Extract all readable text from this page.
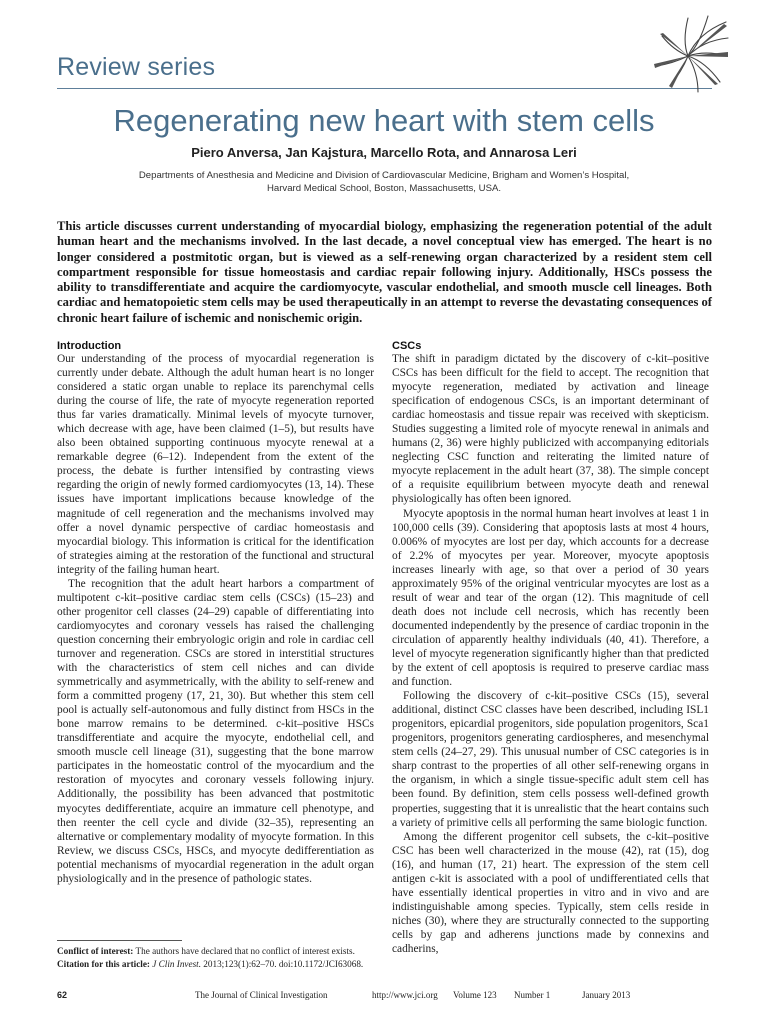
Review series
Regenerating new heart with stem cells
Piero Anversa, Jan Kajstura, Marcello Rota, and Annarosa Leri
Departments of Anesthesia and Medicine and Division of Cardiovascular Medicine, Brigham and Women’s Hospital,
Harvard Medical School, Boston, Massachusetts, USA.
This article discusses current understanding of myocardial biology, emphasizing the regeneration potential of the adult human heart and the mechanisms involved. In the last decade, a novel conceptual view has emerged. The heart is no longer considered a postmitotic organ, but is viewed as a self-renewing organ characterized by a resident stem cell compartment responsible for tissue homeostasis and cardiac repair following injury. Additionally, HSCs possess the ability to transdifferentiate and acquire the cardiomyocyte, vascular endothelial, and smooth muscle cell lineages. Both cardiac and hematopoietic stem cells may be used therapeutically in an attempt to reverse the devastating consequences of chronic heart failure of ischemic and nonischemic origin.
Introduction

Our understanding of the process of myocardial regeneration is currently under debate. Although the adult human heart is no longer considered a static organ unable to replace its parenchymal cells during the course of life, the rate of myocyte regeneration reported thus far varies dramatically. Minimal levels of myocyte turnover, which decrease with age, have been claimed (1–5), but results have also been obtained supporting continuous myocyte renewal at a remarkable degree (6–12). Independent from the extent of the process, the debate is further intensified by contrasting views regarding the origin of newly formed cardiomyocytes (13, 14). These issues have important implications because knowledge of the magnitude of cell regeneration and the mechanisms involved may offer a novel dynamic perspective of cardiac homeostasis and myocardial biology. This information is critical for the identification of strategies aiming at the restoration of the functional and structural integrity of the failing human heart.

The recognition that the adult heart harbors a compartment of multipotent c-kit–positive cardiac stem cells (CSCs) (15–23) and other progenitor cell classes (24–29) capable of differentiating into cardiomyocytes and coronary vessels has raised the challenging question concerning their embryologic origin and role in cardiac cell turnover and regeneration. CSCs are stored in interstitial structures with the characteristics of stem cell niches and can divide symmetrically and asymmetrically, with the ability to self-renew and form a committed progeny (17, 21, 30). But whether this stem cell pool is actually self-autonomous and fully distinct from HSCs in the bone marrow remains to be determined. c-kit–positive HSCs transdifferentiate and acquire the myocyte, endothelial cell, and smooth muscle cell lineage (31), suggesting that the bone marrow participates in the homeostatic control of the myocardium and the restoration of myocytes and coronary vessels following injury. Additionally, the possibility has been advanced that postmitotic myocytes dedifferentiate, acquire an immature cell phenotype, and then reenter the cell cycle and divide (32–35), representing an alternative or complementary modality of myocyte formation. In this Review, we discuss CSCs, HSCs, and myocyte dedifferentiation as potential mechanisms of myocardial regeneration in the adult organ physiologically and in the presence of pathologic states.

CSCs

The shift in paradigm dictated by the discovery of c-kit–positive CSCs has been difficult for the field to accept. The recognition that myocyte regeneration, mediated by activation and lineage specification of endogenous CSCs, is an important determinant of cardiac homeostasis and tissue repair was received with skepticism. Studies suggesting a limited role of myocyte renewal in animals and humans (2, 36) were highly publicized with accompanying editorials neglecting CSC function and reiterating the limited nature of myocyte replacement in the adult heart (37, 38). The simple concept of a requisite equilibrium between myocyte death and renewal physiologically has often been ignored.

Myocyte apoptosis in the normal human heart involves at least 1 in 100,000 cells (39). Considering that apoptosis lasts at most 4 hours, 0.006% of myocytes are lost per day, which accounts for a decrease of 2.2% of myocytes per year. Moreover, myocyte apoptosis increases linearly with age, so that over a period of 30 years approximately 95% of the original ventricular myocytes are lost as a result of wear and tear of the organ (12). This magnitude of cell death does not include cell necrosis, which has recently been documented independently by the presence of cardiac troponin in the circulation of apparently healthy individuals (40, 41). Therefore, a level of myocyte regeneration significantly higher than that predicted by the extent of cell apoptosis is required to preserve cardiac mass and function.

Following the discovery of c-kit–positive CSCs (15), several additional, distinct CSC classes have been described, including ISL1 progenitors, epicardial progenitors, side population progenitors, Sca1 progenitors, progenitors generating cardiospheres, and mesenchymal stem cells (24–27, 29). This unusual number of CSC categories is in sharp contrast to the properties of all other self-renewing organs in the organism, in which a single tissue-specific adult stem cell has been found. By definition, stem cells possess well-defined growth properties, suggesting that it is unrealistic that the heart contains such a variety of primitive cells all performing the same biologic function.

Among the different progenitor cell subsets, the c-kit–positive CSC has been well characterized in the mouse (42), rat (15), dog (16), and human (17, 21) heart. The expression of the stem cell antigen c-kit is associated with a pool of undifferentiated cells that have essentially identical properties in vitro and in vivo and are indistinguishable among species. Typically, stem cells reside in niches (30), where they are structurally connected to the supporting cells by gap and adherens junctions made by connexins and cadherins,

Conflict of interest: The authors have declared that no conflict of interest exists.
Citation for this article: J Clin Invest. 2013;123(1):62–70. doi:10.1172/JCI63068.
62	The Journal of Clinical Investigation	http://www.jci.org Volume 123 Number 1	January 2013
